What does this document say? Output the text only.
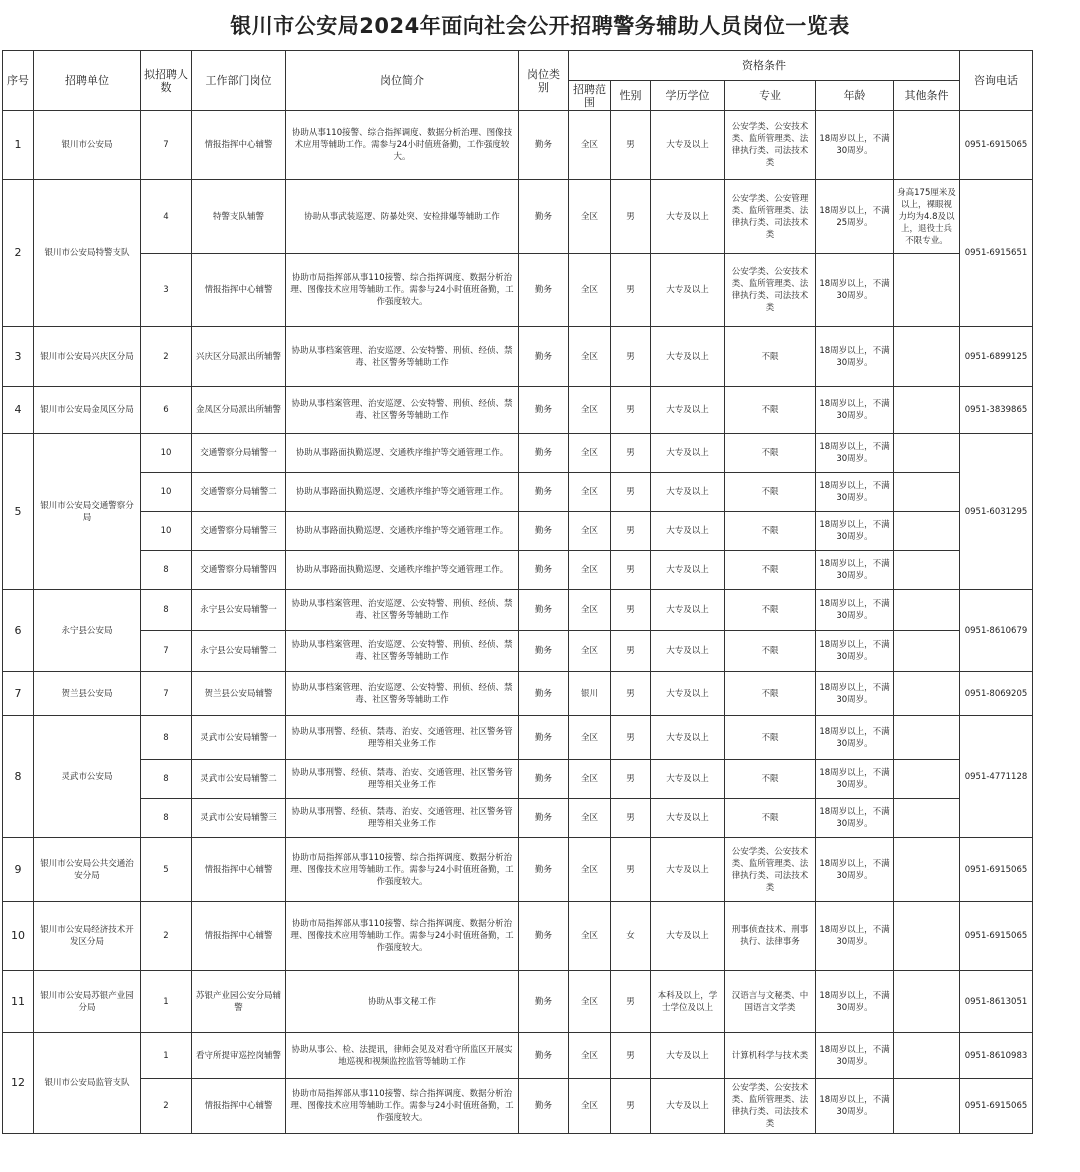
银川市公安局2024年面向社会公开招聘警务辅助人员岗位一览表
序号	招聘单位	拟招聘人数	工作部门岗位	岗位简介	岗位类别	资格条件						咨询电话
						招聘范围	性别	学历学位	专业	年龄	其他条件	
1	银川市公安局	7	情报指挥中心辅警	协助从事110接警、综合指挥调度、数据分析治理、图像技术应用等辅助工作。需参与24小时值班备勤，工作强度较大。	勤务	全区	男	大专及以上	公安学类、公安技术类、监所管理类、法律执行类、司法技术类	18周岁以上，不满30周岁。		0951-6915065
2	银川市公安局特警支队	4	特警支队辅警	协助从事武装巡逻、防暴处突、安检排爆等辅助工作	勤务	全区	男	大专及以上	公安学类、公安管理类、监所管理类、法律执行类、司法技术类	18周岁以上，不满25周岁。	身高175厘米及以上，裸眼视力均为4.8及以上，退役士兵不限专业。	0951-6915651
		3	情报指挥中心辅警	协助市局指挥部从事110接警、综合指挥调度、数据分析治理、图像技术应用等辅助工作。需参与24小时值班备勤，工作强度较大。	勤务	全区	男	大专及以上	公安学类、公安技术类、监所管理类、法律执行类、司法技术类	18周岁以上，不满30周岁。		
3	银川市公安局兴庆区分局	2	兴庆区分局派出所辅警	协助从事档案管理、治安巡逻、公安特警、刑侦、经侦、禁毒、社区警务等辅助工作	勤务	全区	男	大专及以上	不限	18周岁以上，不满30周岁。		0951-6899125
4	银川市公安局金凤区分局	6	金凤区分局派出所辅警	协助从事档案管理、治安巡逻、公安特警、刑侦、经侦、禁毒、社区警务等辅助工作	勤务	全区	男	大专及以上	不限	18周岁以上，不满30周岁。		0951-3839865
5	银川市公安局交通警察分局	10	交通警察分局辅警一	协助从事路面执勤巡逻、交通秩序维护等交通管理工作。	勤务	全区	男	大专及以上	不限	18周岁以上，不满30周岁。		0951-6031295
		10	交通警察分局辅警二	协助从事路面执勤巡逻、交通秩序维护等交通管理工作。	勤务	全区	男	大专及以上	不限	18周岁以上，不满30周岁。		
		10	交通警察分局辅警三	协助从事路面执勤巡逻、交通秩序维护等交通管理工作。	勤务	全区	男	大专及以上	不限	18周岁以上，不满30周岁。		
		8	交通警察分局辅警四	协助从事路面执勤巡逻、交通秩序维护等交通管理工作。	勤务	全区	男	大专及以上	不限	18周岁以上，不满30周岁。		
6	永宁县公安局	8	永宁县公安局辅警一	协助从事档案管理、治安巡逻、公安特警、刑侦、经侦、禁毒、社区警务等辅助工作	勤务	全区	男	大专及以上	不限	18周岁以上，不满30周岁。		0951-8610679
		7	永宁县公安局辅警二	协助从事档案管理、治安巡逻、公安特警、刑侦、经侦、禁毒、社区警务等辅助工作	勤务	全区	男	大专及以上	不限	18周岁以上，不满30周岁。		
7	贺兰县公安局	7	贺兰县公安局辅警	协助从事档案管理、治安巡逻、公安特警、刑侦、经侦、禁毒、社区警务等辅助工作	勤务	银川	男	大专及以上	不限	18周岁以上，不满30周岁。		0951-8069205
8	灵武市公安局	8	灵武市公安局辅警一	协助从事刑警、经侦、禁毒、治安、交通管理、社区警务管理等相关业务工作	勤务	全区	男	大专及以上	不限	18周岁以上，不满30周岁。		0951-4771128
		8	灵武市公安局辅警二	协助从事刑警、经侦、禁毒、治安、交通管理、社区警务管理等相关业务工作	勤务	全区	男	大专及以上	不限	18周岁以上，不满30周岁。		
		8	灵武市公安局辅警三	协助从事刑警、经侦、禁毒、治安、交通管理、社区警务管理等相关业务工作	勤务	全区	男	大专及以上	不限	18周岁以上，不满30周岁。		
9	银川市公安局公共交通治安分局	5	情报指挥中心辅警	协助市局指挥部从事110接警、综合指挥调度、数据分析治理、图像技术应用等辅助工作。需参与24小时值班备勤，工作强度较大。	勤务	全区	男	大专及以上	公安学类、公安技术类、监所管理类、法律执行类、司法技术类	18周岁以上，不满30周岁。		0951-6915065
10	银川市公安局经济技术开发区分局	2	情报指挥中心辅警	协助市局指挥部从事110接警、综合指挥调度、数据分析治理、图像技术应用等辅助工作。需参与24小时值班备勤，工作强度较大。	勤务	全区	女	大专及以上	刑事侦查技术、刑事执行、法律事务	18周岁以上，不满30周岁。		0951-6915065
11	银川市公安局苏银产业园分局	1	苏银产业园公安分局辅警	协助从事文秘工作	勤务	全区	男	本科及以上，学士学位及以上	汉语言与文秘类、中国语言文学类	18周岁以上，不满30周岁。		0951-8613051
12	银川市公安局监管支队	1	看守所提审巡控岗辅警	协助从事公、检、法提讯，律师会见及对看守所监区开展实地巡视和视频监控监管等辅助工作	勤务	全区	男	大专及以上	计算机科学与技术类	18周岁以上，不满30周岁。		0951-8610983
		2	情报指挥中心辅警	协助市局指挥部从事110接警、综合指挥调度、数据分析治理、图像技术应用等辅助工作。需参与24小时值班备勤，工作强度较大。	勤务	全区	男	大专及以上	公安学类、公安技术类、监所管理类、法律执行类、司法技术类	18周岁以上，不满30周岁。		0951-6915065
